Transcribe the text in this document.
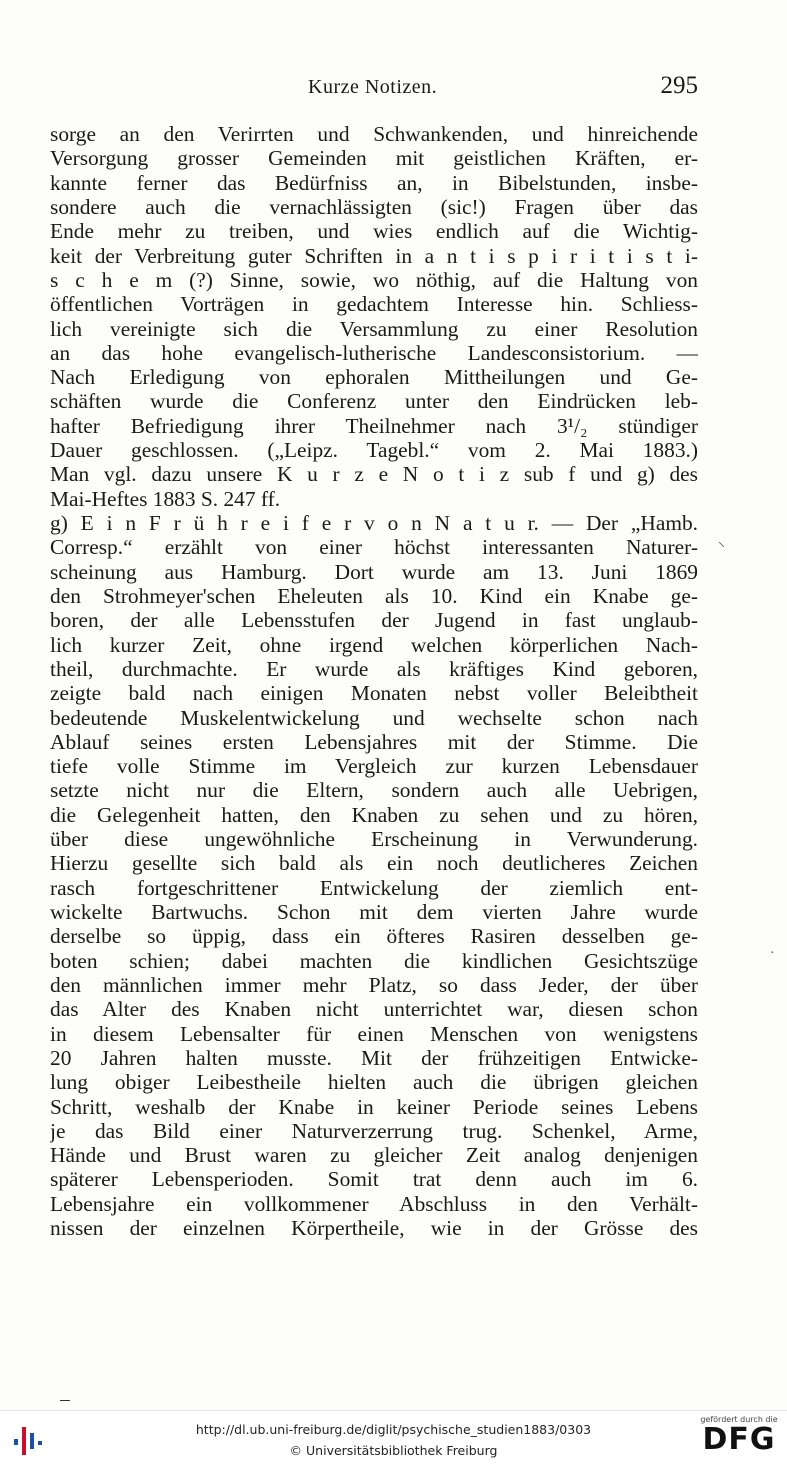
Kurze Notizen.	295
sorge an den Verirrten und Schwankenden, und hinreichende
Versorgung grosser Gemeinden mit geistlichen Kräften, er-
kannte ferner das Bedürfniss an, in Bibelstunden, insbe-
sondere auch die vernachlässigten (sic!) Fragen über das
Ende mehr zu treiben, und wies endlich auf die Wichtig-
keit der Verbreitung guter Schriften in a n t i s p i r i t i s t i-
s c h e m (?) Sinne, sowie, wo nöthig, auf die Haltung von
öffentlichen Vorträgen in gedachtem Interesse hin. Schliess-
lich vereinigte sich die Versammlung zu einer Resolution
an das hohe evangelisch-lutherische Landesconsistorium. —
Nach Erledigung von ephoralen Mittheilungen und Ge-
schäften wurde die Conferenz unter den Eindrücken leb-
hafter Befriedigung ihrer Theilnehmer nach 3¹/₂ stündiger
Dauer geschlossen. („Leipz. Tagebl.“ vom 2. Mai 1883.)
Man vgl. dazu unsere K u r z e N o t i z sub f und g) des
Mai-Heftes 1883 S. 247 ff.
g) E i n F r ü h r e i f e r v o n N a t u r. — Der „Hamb.
Corresp.“ erzählt von einer höchst interessanten Naturer-
scheinung aus Hamburg. Dort wurde am 13. Juni 1869
den Strohmeyer'schen Eheleuten als 10. Kind ein Knabe ge-
boren, der alle Lebensstufen der Jugend in fast unglaub-
lich kurzer Zeit, ohne irgend welchen körperlichen Nach-
theil, durchmachte. Er wurde als kräftiges Kind geboren,
zeigte bald nach einigen Monaten nebst voller Beleibtheit
bedeutende Muskelentwickelung und wechselte schon nach
Ablauf seines ersten Lebensjahres mit der Stimme. Die
tiefe volle Stimme im Vergleich zur kurzen Lebensdauer
setzte nicht nur die Eltern, sondern auch alle Uebrigen,
die Gelegenheit hatten, den Knaben zu sehen und zu hören,
über diese ungewöhnliche Erscheinung in Verwunderung.
Hierzu gesellte sich bald als ein noch deutlicheres Zeichen
rasch fortgeschrittener Entwickelung der ziemlich ent-
wickelte Bartwuchs. Schon mit dem vierten Jahre wurde
derselbe so üppig, dass ein öfteres Rasiren desselben ge-
boten schien; dabei machten die kindlichen Gesichtszüge
den männlichen immer mehr Platz, so dass Jeder, der über
das Alter des Knaben nicht unterrichtet war, diesen schon
in diesem Lebensalter für einen Menschen von wenigstens
20 Jahren halten musste. Mit der frühzeitigen Entwicke-
lung obiger Leibestheile hielten auch die übrigen gleichen
Schritt, weshalb der Knabe in keiner Periode seines Lebens
je das Bild einer Naturverzerrung trug. Schenkel, Arme,
Hände und Brust waren zu gleicher Zeit analog denjenigen
späterer Lebensperioden. Somit trat denn auch im 6.
Lebensjahre ein vollkommener Abschluss in den Verhält-
nissen der einzelnen Körpertheile, wie in der Grösse des
⸜
·
http://dl.ub.uni-freiburg.de/diglit/psychische_studien1883/0303
© Universitätsbibliothek Freiburg
gefördert durch die
DFG
